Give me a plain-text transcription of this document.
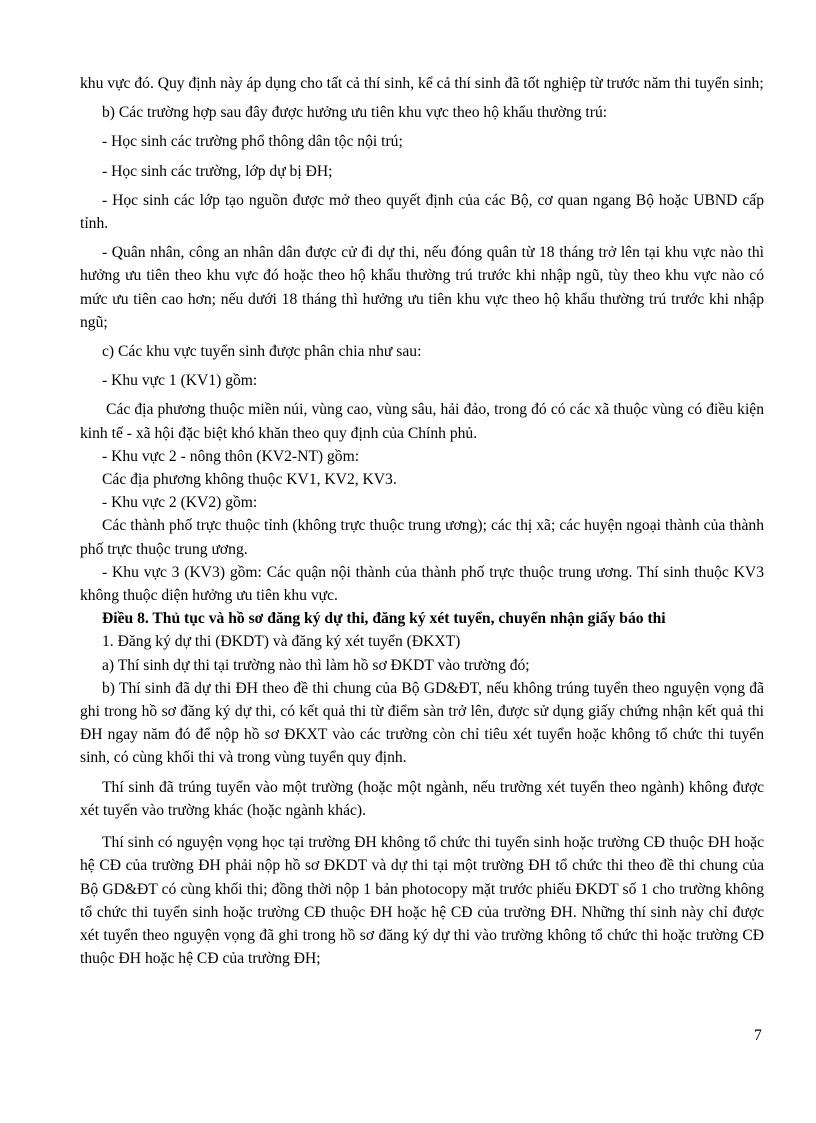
khu vực đó. Quy định này áp dụng cho tất cả thí sinh, kể cả thí sinh đã tốt nghiệp từ trước năm thi tuyển sinh;

b) Các trường hợp sau đây được hưởng ưu tiên khu vực theo hộ khẩu thường trú:

- Học sinh các trường phổ thông dân tộc nội trú;

- Học sinh các trường, lớp dự bị ĐH;

- Học sinh các lớp tạo nguồn được mở theo quyết định của các Bộ, cơ quan ngang Bộ hoặc UBND cấp tỉnh.

- Quân nhân, công an nhân dân được cử đi dự thi, nếu đóng quân từ 18 tháng trở lên tại khu vực nào thì hưởng ưu tiên theo khu vực đó hoặc theo hộ khẩu thường trú trước khi nhập ngũ, tùy theo khu vực nào có mức ưu tiên cao hơn; nếu dưới 18 tháng thì hưởng ưu tiên khu vực theo hộ khẩu thường trú trước khi nhập ngũ;

c) Các khu vực tuyển sinh được phân chia như sau:

- Khu vực 1 (KV1) gồm:

Các địa phương thuộc miền núi, vùng cao, vùng sâu, hải đảo, trong đó có các xã thuộc vùng có điều kiện kinh tế - xã hội đặc biệt khó khăn theo quy định của Chính phủ.

- Khu vực 2 - nông thôn (KV2-NT) gồm:

Các địa phương không thuộc KV1, KV2, KV3.

- Khu vực 2 (KV2) gồm:

Các thành phố trực thuộc tỉnh (không trực thuộc trung ương); các thị xã; các huyện ngoại thành của thành phố trực thuộc trung ương.

- Khu vực 3 (KV3) gồm: Các quận nội thành của thành phố trực thuộc trung ương. Thí sinh thuộc KV3 không thuộc diện hưởng ưu tiên khu vực.

Điều 8. Thủ tục và hồ sơ đăng ký dự thi, đăng ký xét tuyển, chuyển nhận giấy báo thi

1. Đăng ký dự thi (ĐKDT) và đăng ký xét tuyển (ĐKXT)

a) Thí sinh dự thi tại trường nào thì làm hồ sơ ĐKDT vào trường đó;

b) Thí sinh đã dự thi ĐH theo đề thi chung của Bộ GD&ĐT, nếu không trúng tuyển theo nguyện vọng đã ghi trong hồ sơ đăng ký dự thi, có kết quả thi từ điểm sàn trở lên, được sử dụng giấy chứng nhận kết quả thi ĐH ngay năm đó để nộp hồ sơ ĐKXT vào các trường còn chỉ tiêu xét tuyển hoặc không tổ chức thi tuyển sinh, có cùng khối thi và trong vùng tuyển quy định.

Thí sinh đã trúng tuyển vào một trường (hoặc một ngành, nếu trường xét tuyển theo ngành) không được xét tuyển vào trường khác (hoặc ngành khác).

Thí sinh có nguyện vọng học tại trường ĐH không tổ chức thi tuyển sinh hoặc trường CĐ thuộc ĐH hoặc hệ CĐ của trường ĐH phải nộp hồ sơ ĐKDT và dự thi tại một trường ĐH tổ chức thi theo đề thi chung của Bộ GD&ĐT có cùng khối thi; đồng thời nộp 1 bản photocopy mặt trước phiếu ĐKDT số 1 cho trường không tổ chức thi tuyển sinh hoặc trường CĐ thuộc ĐH hoặc hệ CĐ của trường ĐH. Những thí sinh này chỉ được xét tuyển theo nguyện vọng đã ghi trong hồ sơ đăng ký dự thi vào trường không tổ chức thi hoặc trường CĐ thuộc ĐH hoặc hệ CĐ của trường ĐH;

7
